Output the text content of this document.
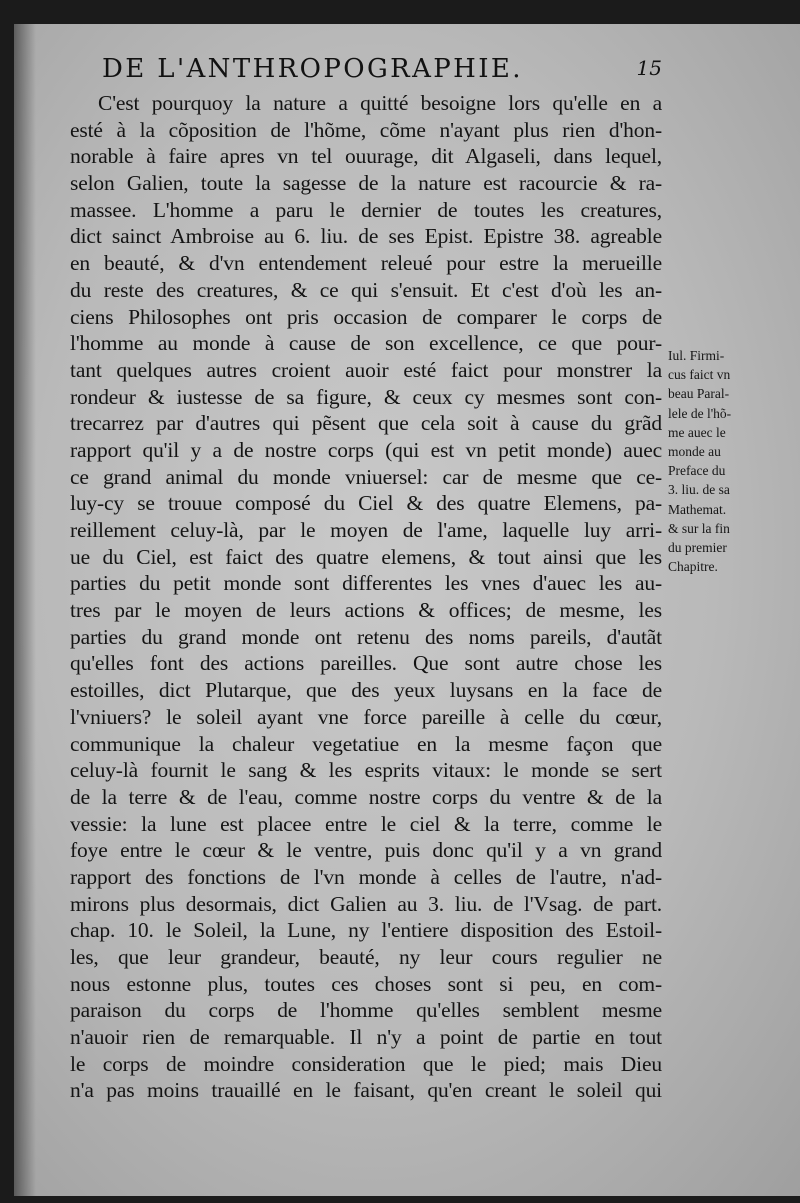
DE L'ANTHROPOGRAPHIE.	15
C'est pourquoy la nature a quitté besoigne lors qu'elle en a
esté à la cõposition de l'hõme, cõme n'ayant plus rien d'hon-
norable à faire apres vn tel ouurage, dit Algaseli, dans lequel,
selon Galien, toute la sagesse de la nature est racourcie & ra-
massee. L'homme a paru le dernier de toutes les creatures,
dict sainct Ambroise au 6. liu. de ses Epist. Epistre 38. agreable
en beauté, & d'vn entendement releué pour estre la merueille
du reste des creatures, & ce qui s'ensuit. Et c'est d'où les an-
ciens Philosophes ont pris occasion de comparer le corps de
l'homme au monde à cause de son excellence, ce que pour-
tant quelques autres croient auoir esté faict pour monstrer la
rondeur & iustesse de sa figure, & ceux cy mesmes sont con-
trecarrez par d'autres qui pẽsent que cela soit à cause du grãd
rapport qu'il y a de nostre corps (qui est vn petit monde) auec
ce grand animal du monde vniuersel: car de mesme que ce-
luy-cy se trouue composé du Ciel & des quatre Elemens, pa-
reillement celuy-là, par le moyen de l'ame, laquelle luy arri-
ue du Ciel, est faict des quatre elemens, & tout ainsi que les
parties du petit monde sont differentes les vnes d'auec les au-
tres par le moyen de leurs actions & offices; de mesme, les
parties du grand monde ont retenu des noms pareils, d'autãt
qu'elles font des actions pareilles. Que sont autre chose les
estoilles, dict Plutarque, que des yeux luysans en la face de
l'vniuers? le soleil ayant vne force pareille à celle du cœur,
communique la chaleur vegetatiue en la mesme façon que
celuy-là fournit le sang & les esprits vitaux: le monde se sert
de la terre & de l'eau, comme nostre corps du ventre & de la
vessie: la lune est placee entre le ciel & la terre, comme le
foye entre le cœur & le ventre, puis donc qu'il y a vn grand
rapport des fonctions de l'vn monde à celles de l'autre, n'ad-
mirons plus desormais, dict Galien au 3. liu. de l'Vsag. de part.
chap. 10. le Soleil, la Lune, ny l'entiere disposition des Estoil-
les, que leur grandeur, beauté, ny leur cours regulier ne
nous estonne plus, toutes ces choses sont si peu, en com-
paraison du corps de l'homme qu'elles semblent mesme
n'auoir rien de remarquable. Il n'y a point de partie en tout
le corps de moindre consideration que le pied; mais Dieu
n'a pas moins trauaillé en le faisant, qu'en creant le soleil qui
Iul. Firmi-
cus faict vn
beau Paral-
lele de l'hõ-
me auec le
monde au
Preface du
3. liu. de sa
Mathemat.
& sur la fin
du premier
Chapitre.
